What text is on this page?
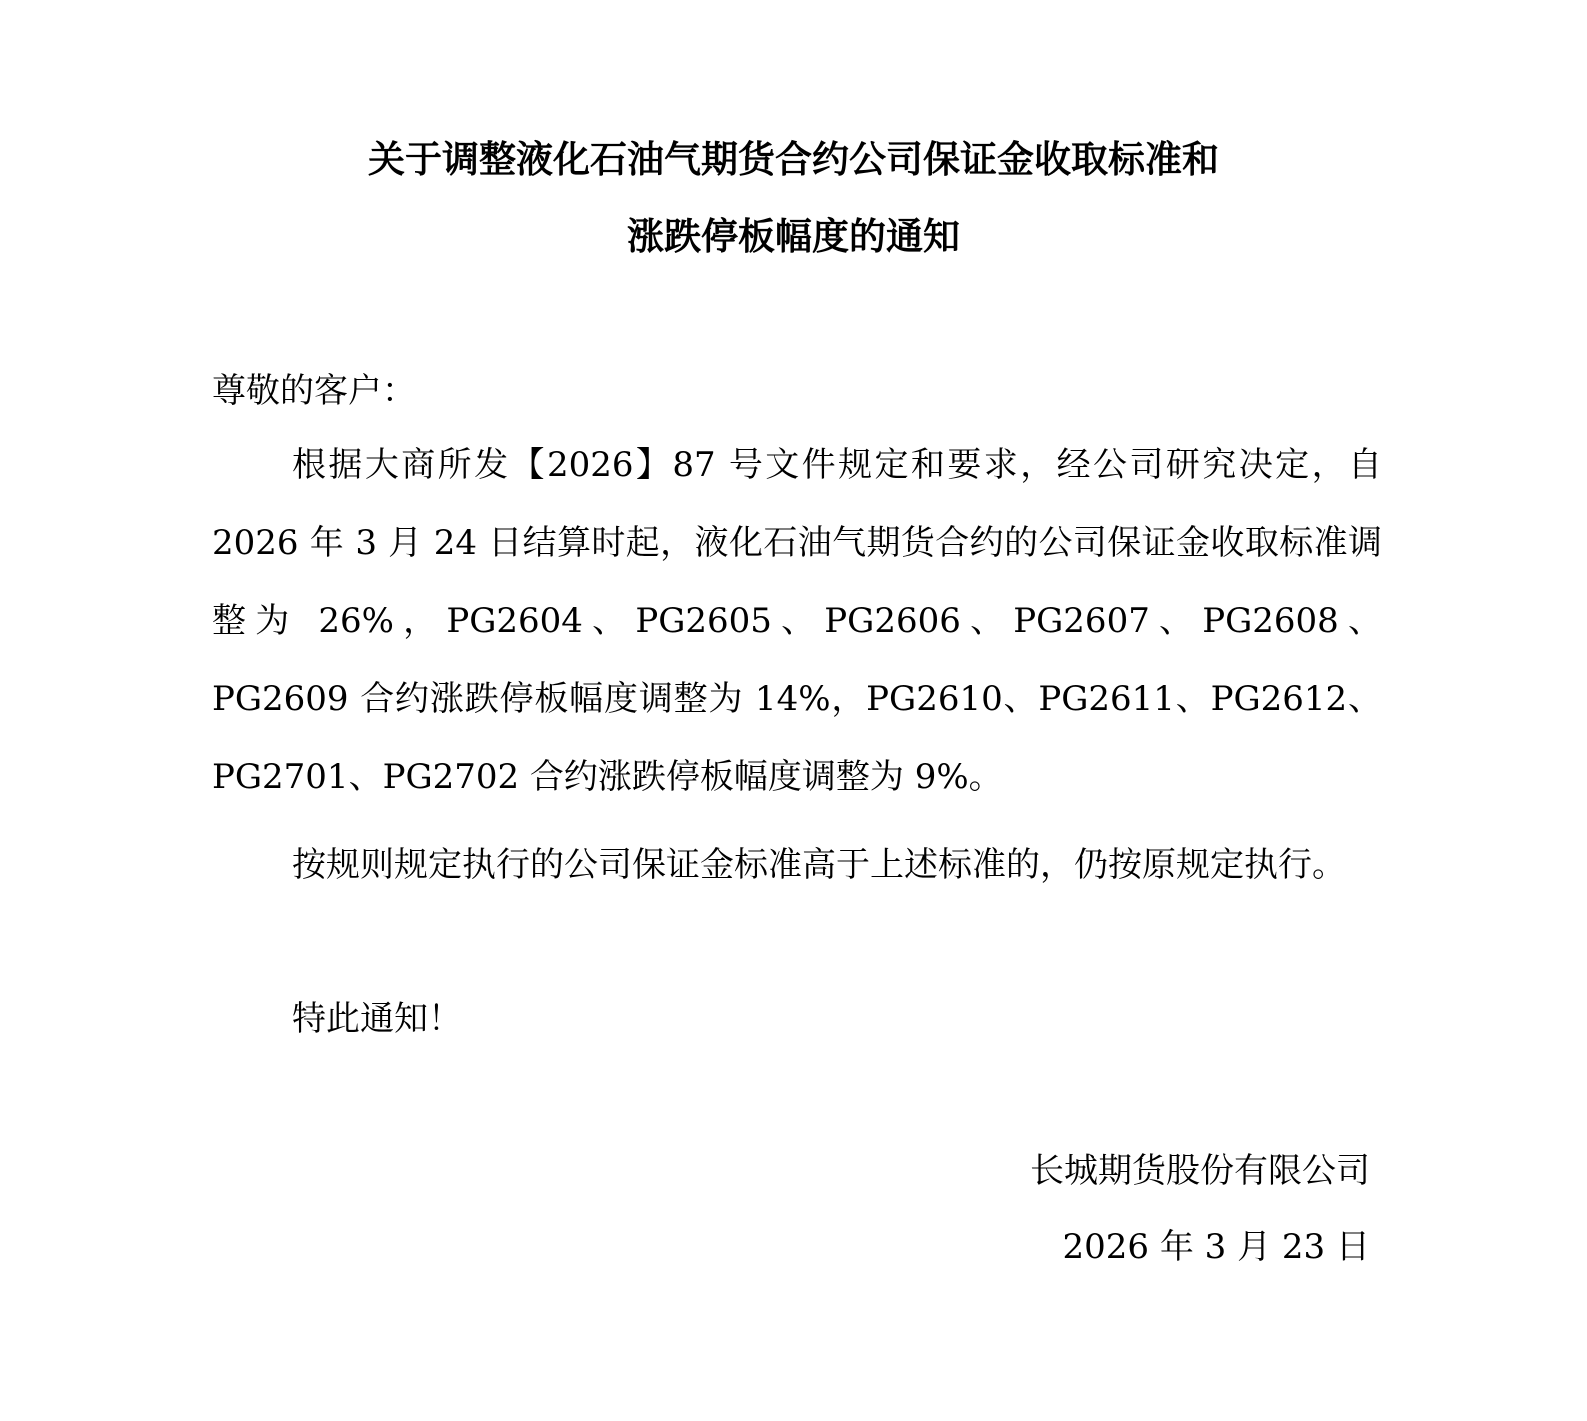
关于调整液化石油气期货合约公司保证金收取标准和
涨跌停板幅度的通知
尊敬的客户：
根据大商所发【2026】87 号文件规定和要求，经公司研究决定，自 2026 年 3 月 24 日结算时起，液化石油气期货合约的公司保证金收取标准调整为 26%，PG2604、PG2605、PG2606、PG2607、PG2608、PG2609 合约涨跌停板幅度调整为 14%，PG2610、PG2611、PG2612、PG2701、PG2702 合约涨跌停板幅度调整为 9%。
按规则规定执行的公司保证金标准高于上述标准的，仍按原规定执行。
特此通知！
长城期货股份有限公司
2026 年 3 月 23 日
